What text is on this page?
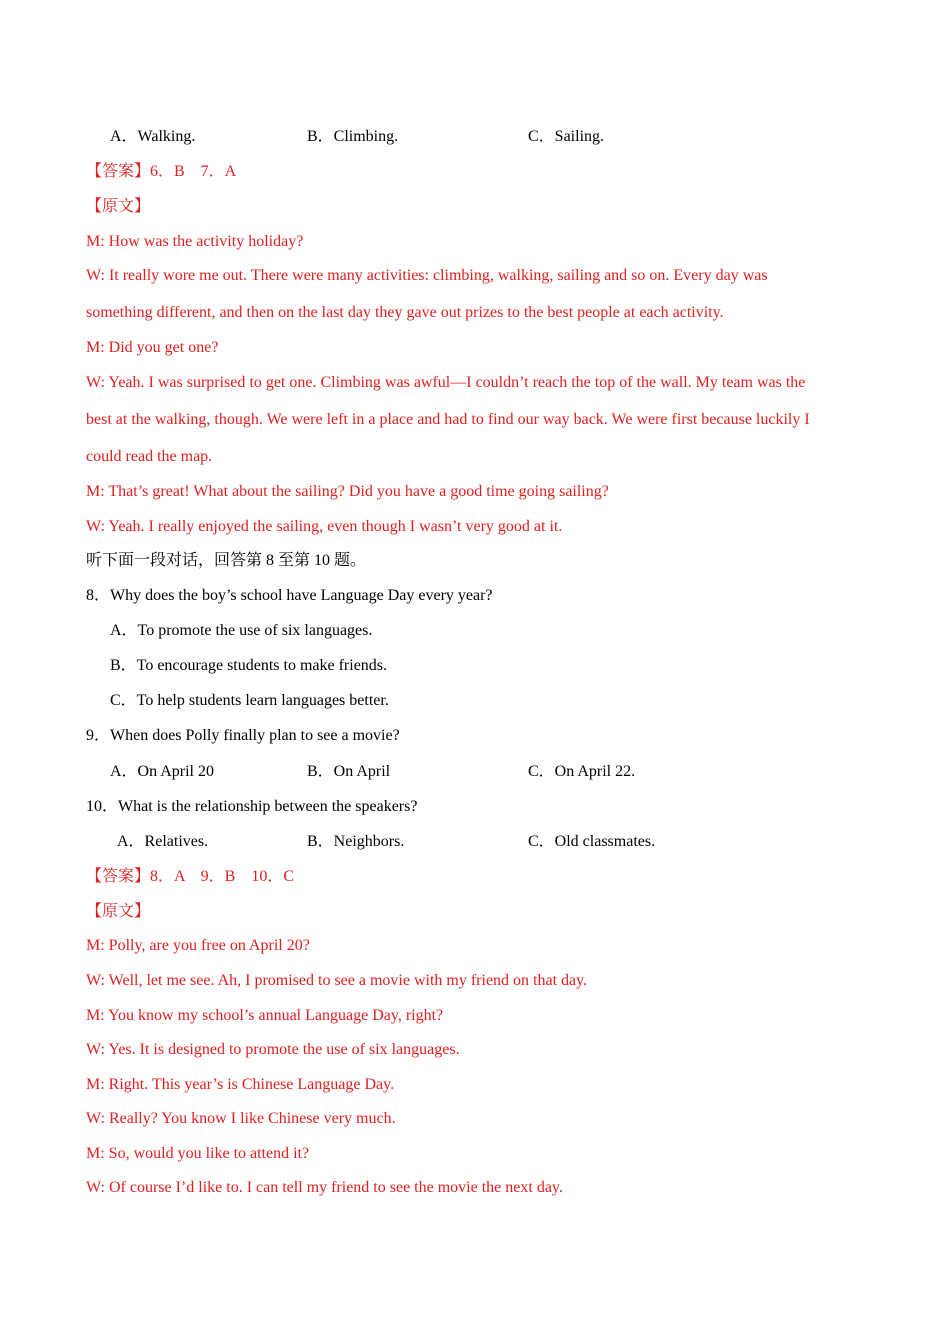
A．Walking.	B．Climbing.	C．Sailing.
【答案】6．B　7．A
【原文】
M: How was the activity holiday?
W: It really wore me out. There were many activities: climbing, walking, sailing and so on. Every day was
something different, and then on the last day they gave out prizes to the best people at each activity.
M: Did you get one?
W: Yeah. I was surprised to get one. Climbing was awful—I couldn’t reach the top of the wall. My team was the
best at the walking, though. We were left in a place and had to find our way back. We were first because luckily I
could read the map.
M: That’s great! What about the sailing? Did you have a good time going sailing?
W: Yeah. I really enjoyed the sailing, even though I wasn’t very good at it.
听下面一段对话，回答第 8 至第 10 题。
8．Why does the boy’s school have Language Day every year?
A．To promote the use of six languages.
B．To encourage students to make friends.
C．To help students learn languages better.
9．When does Polly finally plan to see a movie?
A．On April 20	B．On April	C．On April 22.
10．What is the relationship between the speakers?
A．Relatives.	B．Neighbors.	C．Old classmates.
【答案】8．A　9．B　10．C
【原文】
M: Polly, are you free on April 20?
W: Well, let me see. Ah, I promised to see a movie with my friend on that day.
M: You know my school’s annual Language Day, right?
W: Yes. It is designed to promote the use of six languages.
M: Right. This year’s is Chinese Language Day.
W: Really? You know I like Chinese very much.
M: So, would you like to attend it?
W: Of course I’d like to. I can tell my friend to see the movie the next day.
